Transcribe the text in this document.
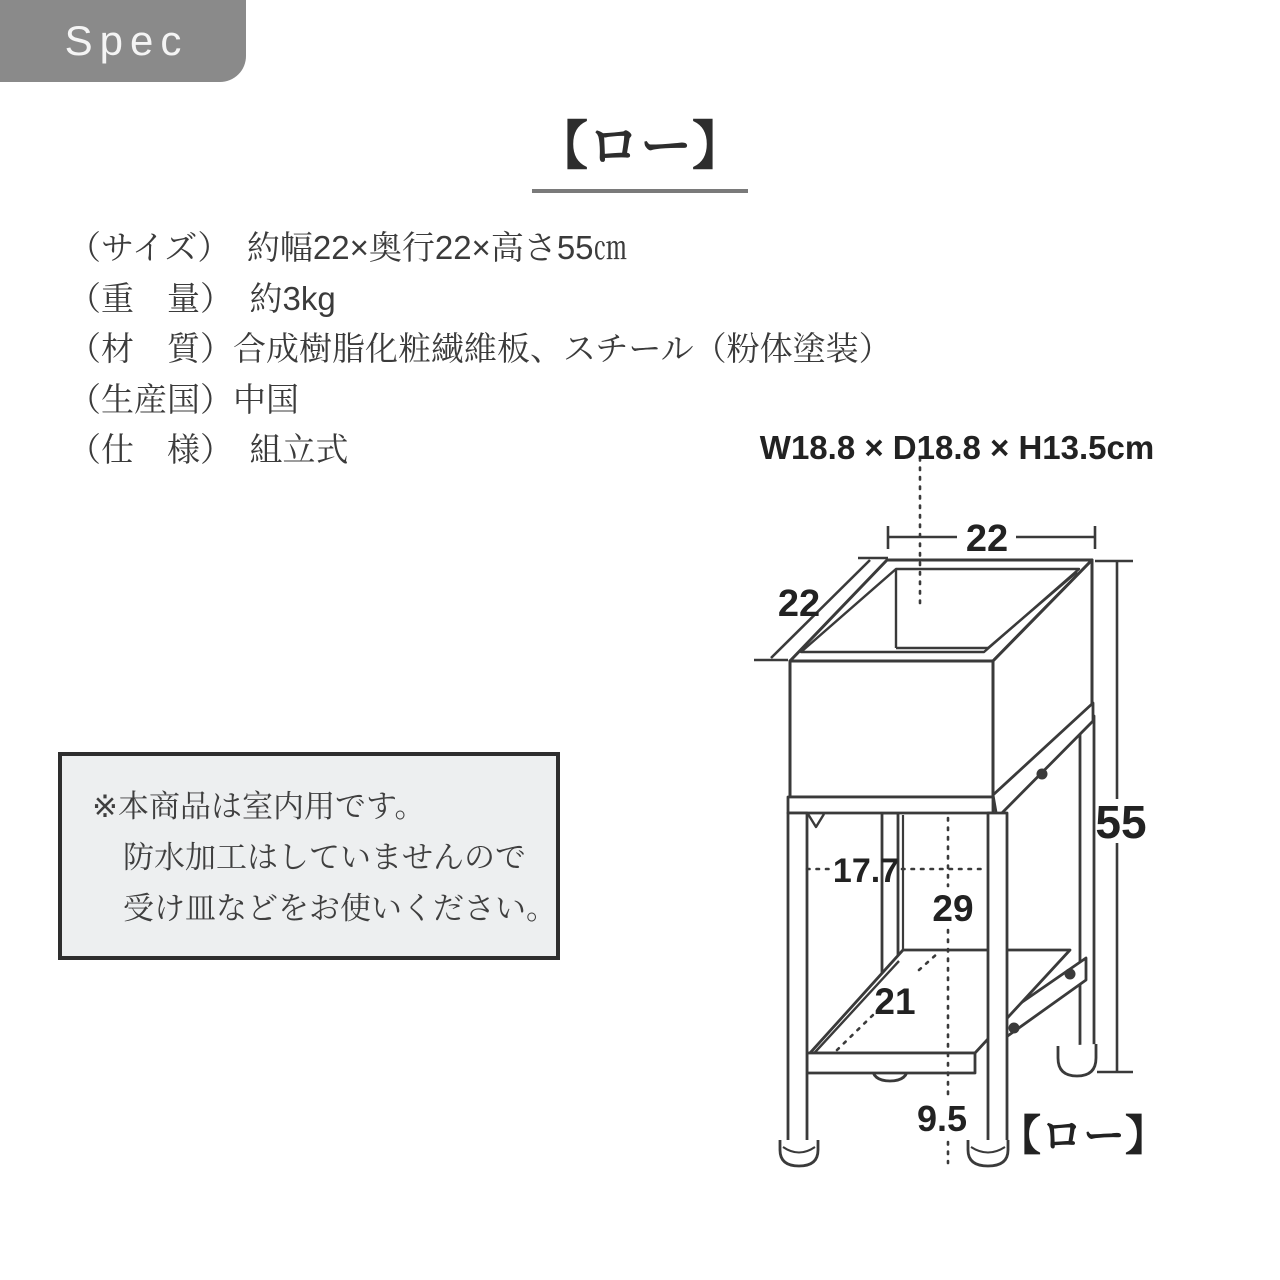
Spec
【ロー】
（サイズ）　約幅22×奥行22×高さ55㎝
（重　量）　約3kg
（材　質）合成樹脂化粧繊維板、スチール（粉体塗装）
（生産国）中国
（仕　様）　組立式
※本商品は室内用です。
防水加工はしていませんので
受け皿などをお使いください。
W18.8 × D18.8 × H13.5cm
22
22
55
17.7
29
21
9.5 【ロー】
